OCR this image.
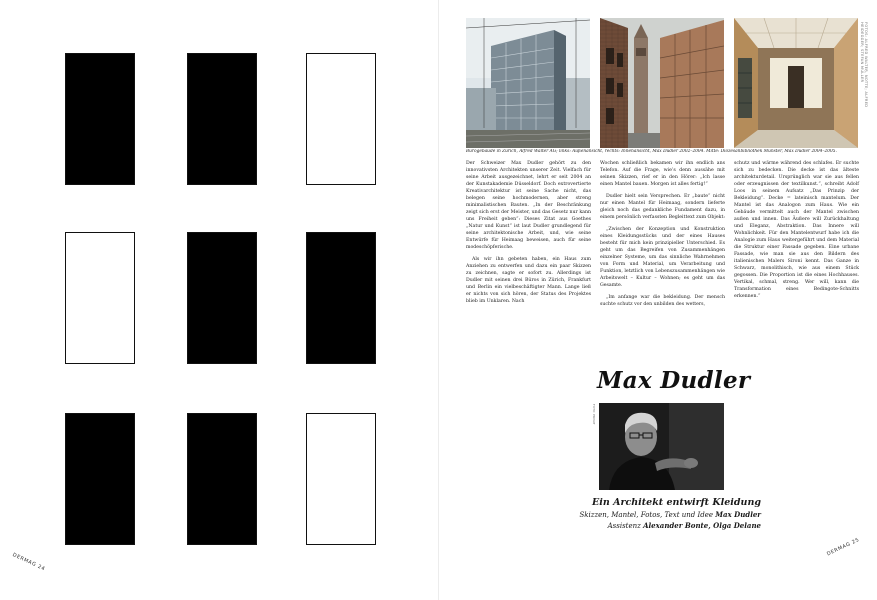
DERMAG 24
FOTOS: ALFRED WALTER, NOTTE; ALFRED HEIDEGGER; STEFAN MÜLLER
Bürogebäude in Zürich, Alfred Walter AG; links: Außenansicht, rechts: Innenansicht, Max Dudler 2002–2004. Mitte: Diözesanbibliothek Münster, Max Dudler 2004–2005.

Der Schweizer Max Dudler gehört zu den innovativsten Architekten unserer Zeit. Vielfach für seine Arbeit ausgezeichnet, lehrt er seit 2004 an der Kunstakademie Düsseldorf. Doch extrovertierte Kreativarchitektur ist seine Sache nicht, das belegen seine hochmodernen, aber streng minimalistischen Bauten. „In der Beschränkung zeigt sich erst der Meister, und das Gesetz nur kann uns Freiheit geben“: Dieses Zitat aus Goethes „Natur und Kunst“ ist laut Dudler grundlegend für seine architektonische Arbeit, und, wie seine Entwürfe für Heimaag beweisen, auch für seine modeschöpferische.

Als wir ihn gebeten haben, ein Haus zum Anziehen zu entwerfen und dazu ein paar Skizzen zu zeichnen, sagte er sofort zu. Allerdings ist Dudler mit seinen drei Büros in Zürich, Frankfurt und Berlin ein vielbeschäftigter Mann. Lange ließ er nichts von sich hören, der Status des Projektes blieb im Unklaren. Nach

Wochen schließlich bekamen wir ihn endlich ans Telefon. Auf die Frage, wie’s denn aussähe mit seinen Skizzen, rief er in den Hörer: „Ich lasse einen Mantel bauen. Morgen ist alles fertig!“

Dudler hielt sein Versprechen. Er „baute“ nicht nur einen Mantel für Heimaag, sondern lieferte gleich noch das gedankliche Fundament dazu, in einem persönlich verfassten Begleittext zum Objekt:

„Zwischen der Konzeption und Konstruktion eines Kleidungsstücks und der eines Hauses besteht für mich kein prinzipieller Unterschied. Es geht um das Begreifen von Zusammenhängen einzelner Systeme, um das sinnliche Wahrnehmen von Form und Material, um Verarbeitung und Funktion, letztlich von Lebenszusammenhängen wie Arbeitswelt – Kultur – Wohnen; es geht um das Gesamte.

„Im anfange war die bekleidung. Der mensch suchte schutz vor den unbilden des wetters,

schutz und wärme während des schlafes. Er suchte sich zu bedecken. Die decke ist das älteste architekturdetail. Ursprünglich war sie aus fellen oder erzeugnissen der textilkunst.“, schreibt Adolf Loos in seinem Aufsatz „Das Prinzip der Bekleidung“. Decke = lateinisch mantelum. Der Mantel ist das Analogon zum Haus. Wie ein Gebäude vermittelt auch der Mantel zwischen außen und innen. Das Äußere will Zurückhaltung und Eleganz, Abstraktion. Das Innere will Wohnlichkeit. Für den Mantelentwurf habe ich die Analogie zum Haus weitergeführt und dem Material die Struktur einer Fassade gegeben. Eine urbane Fassade, wie man sie aus den Bildern des italienischen Malers Sironi kennt. Das Ganze in Schwarz, monolithisch, wie aus einem Stück gegossen. Die Proportion ist die eines Hochhauses. Vertikal, schmal, streng. Wer will, kann die Transformation eines Bedingote-Schnitts erkennen.“

Max Dudler
FOTO: PRIVAT
Ein Architekt entwirft Kleidung
Skizzen, Mantel, Fotos, Text und Idee Max Dudler
Assistenz Alexander Bonte, Olga Delane
DERMAG 25
